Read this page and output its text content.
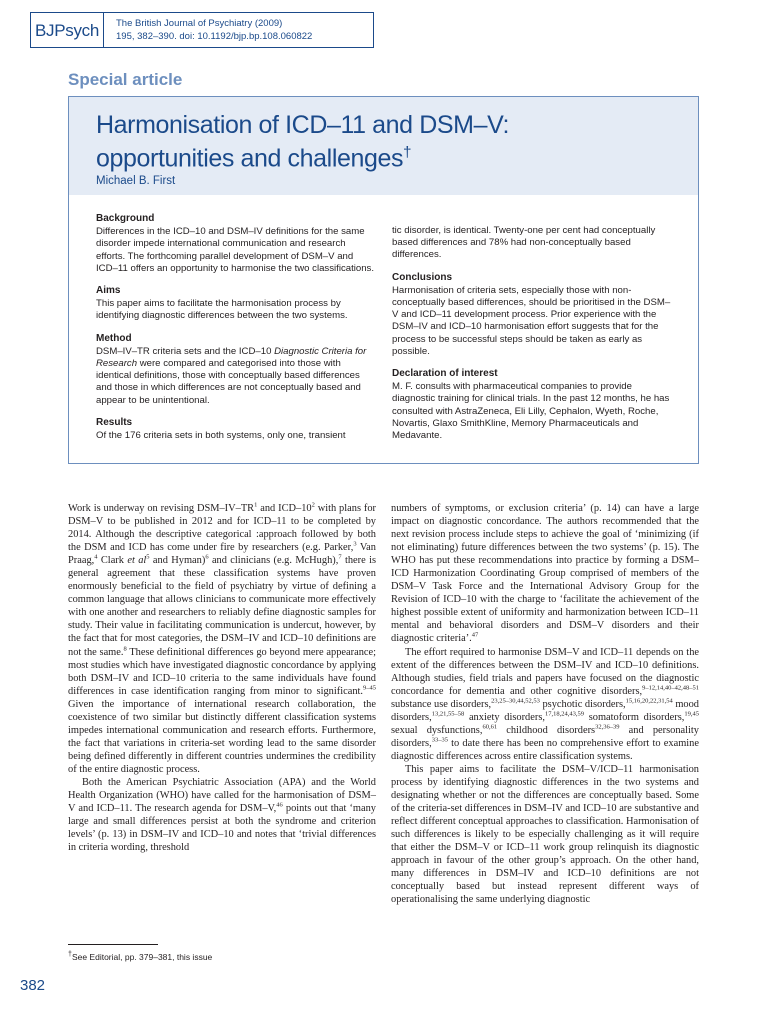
BJPsych	The British Journal of Psychiatry (2009)
195, 382–390. doi: 10.1192/bjp.bp.108.060822
Special article
Harmonisation of ICD–11 and DSM–V:
opportunities and challenges†
Michael B. First
Background
Differences in the ICD–10 and DSM–IV definitions for the same disorder impede international communication and research efforts. The forthcoming parallel development of DSM–V and ICD–11 offers an opportunity to harmonise the two classifications.
Aims
This paper aims to facilitate the harmonisation process by identifying diagnostic differences between the two systems.
Method
DSM–IV–TR criteria sets and the ICD–10 Diagnostic Criteria for Research were compared and categorised into those with identical definitions, those with conceptually based differences and those in which differences are not conceptually based and appear to be unintentional.
Results
Of the 176 criteria sets in both systems, only one, transient
tic disorder, is identical. Twenty-one per cent had conceptually based differences and 78% had non-conceptually based differences.
Conclusions
Harmonisation of criteria sets, especially those with non-conceptually based differences, should be prioritised in the DSM–V and ICD–11 development process. Prior experience with the DSM–IV and ICD–10 harmonisation effort suggests that for the process to be successful steps should be taken as early as possible.
Declaration of interest
M. F. consults with pharmaceutical companies to provide diagnostic training for clinical trials. In the past 12 months, he has consulted with AstraZeneca, Eli Lilly, Cephalon, Wyeth, Roche, Novartis, Glaxo SmithKline, Memory Pharmaceuticals and Medavante.

Work is underway on revising DSM–$IV-TR^1$ and ICD–$10^2$ with plans for DSM–V to be published in 2012 and for ICD–11 to be completed by 2014. Although the descriptive categorical :approach followed by both the DSM and ICD has come under fire by researchers (e.g. Parker,$^3$ Van Praag,$^4$ Clark et $al^5$ and Hyman)$^6$ and clinicians (e.g. McHugh),$^7$ there is general agreement that these classification systems have proven enormously beneficial to the field of psychiatry by virtue of defining a common language that allows clinicians to communicate more effectively with one another and researchers to reliably define diagnostic samples for study. Their value in facilitating communication is undercut, however, by the fact that for most categories, the DSM–IV and ICD–10 definitions are not the same.$^8$ These definitional differences go beyond mere appearance; most studies which have investigated diagnostic concordance by applying both DSM–IV and ICD–10 criteria to the same individuals have found differences in case identification ranging from minor to significant.$^{9-45}$ Given the importance of international research collaboration, the coexistence of two similar but distinctly different classification systems impedes international communication and research efforts. Furthermore, the fact that variations in criteria-set wording lead to the same disorder being defined differently in different countries undermines the credibility of the entire diagnostic process.

Both the American Psychiatric Association (APA) and the World Health Organization (WHO) have called for the harmonisation of DSM–V and ICD–11. The research agenda for DSM–V,$^{46}$ points out that ‘many large and small differences persist at both the syndrome and criterion levels’ (p. 13) in DSM–IV and ICD–10 and notes that ‘trivial differences in criteria wording, threshold

numbers of symptoms, or exclusion criteria’ (p. 14) can have a large impact on diagnostic concordance. The authors recommended that the next revision process include steps to achieve the goal of ‘minimizing (if not eliminating) future differences between the two systems’ (p. 15). The WHO has put these recommendations into practice by forming a DSM–ICD Harmonization Coordinating Group comprised of members of the DSM–V Task Force and the International Advisory Group for the Revision of ICD–10 with the charge to ‘facilitate the achievement of the highest possible extent of uniformity and harmonization between ICD–11 mental and behavioral disorders and DSM–V disorders and their diagnostic criteria’.$^{47}$

The effort required to harmonise DSM–V and ICD–11 depends on the extent of the differences between the DSM–IV and ICD–10 definitions. Although studies, field trials and papers have focused on the diagnostic concordance for dementia and other cognitive disorders,$^{9-12,14,40-42,48-51}$ substance use disorders,$^{23,25-30,44,52,53}$ psychotic disorders,$^{15,16,20,22,31,54}$ mood disorders,$^{13,21,55-58}$ anxiety disorders,$^{17,18,24,43,59}$ somatoform disorders,$^{19,45}$ sexual dysfunctions,$^{60,61}$ childhood disorders$^{32,36-39}$ and personality disorders,$^{33-35}$ to date there has been no comprehensive effort to examine diagnostic differences across entire classification systems.

This paper aims to facilitate the DSM–V/ICD–11 harmonisation process by identifying diagnostic differences in the two systems and designating whether or not the differences are conceptually based. Some of the criteria-set differences in DSM–IV and ICD–10 are substantive and reflect different conceptual approaches to classification. Harmonisation of such differences is likely to be especially challenging as it will require that either the DSM–V or ICD–11 work group relinquish its diagnostic approach in favour of the other group’s approach. On the other hand, many differences in DSM–IV and ICD–10 definitions are not conceptually based but instead represent different ways of operationalising the same underlying diagnostic

†See Editorial, pp. 379–381, this issue
382
